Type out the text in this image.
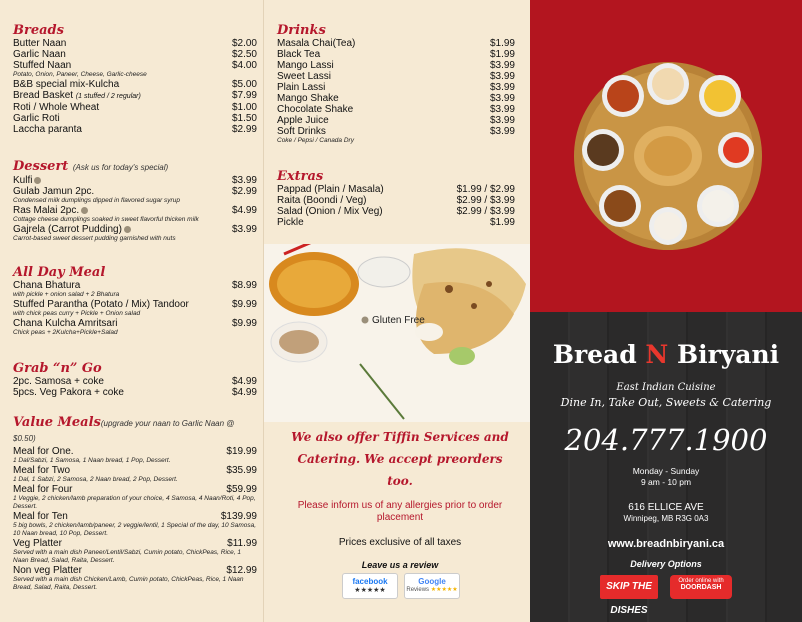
Breads
Butter Naan	$2.00
Garlic Naan	$2.50
Stuffed Naan	$4.00
Potato, Onion, Paneer, Cheese, Garlic-cheese
B&B special mix-Kulcha	$5.00
Bread Basket (1 stuffed / 2 regular)	$7.99
Roti / Whole Wheat	$1.00
Garlic Roti	$1.50
Laccha paranta	$2.99
Dessert (Ask us for today's special)
Kulfi	$3.99
Gulab Jamun 2pc.	$2.99
Condensed milk dumplings dipped in flavored sugar syrup
Ras Malai 2pc.	$4.99
Cottage cheese dumplings soaked in sweet flavorful thicken milk
Gajrela (Carrot Pudding)	$3.99
Carrot-based sweet dessert pudding garnished with nuts
All Day Meal
Chana Bhatura	$8.99
with pickle + onion salad + 2 Bhatura
Stuffed Parantha (Potato / Mix) Tandoor	$9.99
with chick peas curry + Pickle + Onion salad
Chana Kulcha Amritsari	$9.99
Chick peas + 2Kulcha+Pickle+Salad
Grab “n” Go
2pc. Samosa + coke	$4.99
5pcs. Veg Pakora + coke	$4.99
Value Meals(upgrade your naan to Garlic Naan @ $0.50)
Meal for One.	$19.99
1 Dal/Sabzi, 1 Samosa, 1 Naan bread, 1 Pop, Dessert.
Meal for Two	$35.99
1 Dal, 1 Sabzi, 2 Samosa, 2 Naan bread, 2 Pop, Dessert.
Meal for Four	$59.99
1 Veggie, 2 chicken/lamb preparation of your choice, 4 Samosa, 4 Naan/Roti, 4 Pop, Dessert.
Meal for Ten	$139.99
5 big bowls, 2 chicken/lamb/paneer, 2 veggie/lentil, 1 Special of the day, 10 Samosa, 10 Naan bread, 10 Pop, Dessert.
Veg Platter	$11.99
Served with a main dish Paneer/Lentil/Sabzi, Cumin potato, ChickPeas, Rice, 1 Naan Bread, Salad, Raita, Dessert.
Non veg Platter	$12.99
Served with a main dish Chicken/Lamb, Cumin potato, ChickPeas, Rice, 1 Naan Bread, Salad, Raita, Dessert.
Drinks
Masala Chai(Tea)	$1.99
Black Tea	$1.99
Mango Lassi	$3.99
Sweet Lassi	$3.99
Plain Lassi	$3.99
Mango Shake	$3.99
Chocolate Shake	$3.99
Apple Juice	$3.99
Soft Drinks	$3.99
Coke / Pepsi / Canada Dry
Extras
Pappad (Plain / Masala)	$1.99 / $2.99
Raita (Boondi / Veg)	$2.99 / $3.99
Salad (Onion / Mix Veg)	$2.99 / $3.99
Pickle	$1.99
Gluten Free
We also offer Tiffin Services and Catering. We accept preorders too.
Please inform us of any allergies prior to order placement
Prices exclusive of all taxes
Leave us a review
facebook
★★★★★
Google
Reviews ★★★★★
Bread N Biryani
East Indian Cuisine
Dine In, Take Out, Sweets & Catering
204.777.1900
Monday - Sunday
9 am - 10 pm
616 ELLICE AVE
Winnipeg, MB R3G 0A3
www.breadnbiryani.ca
Delivery Options
SKIP THE DISHES
Order online with
DOORDASH
